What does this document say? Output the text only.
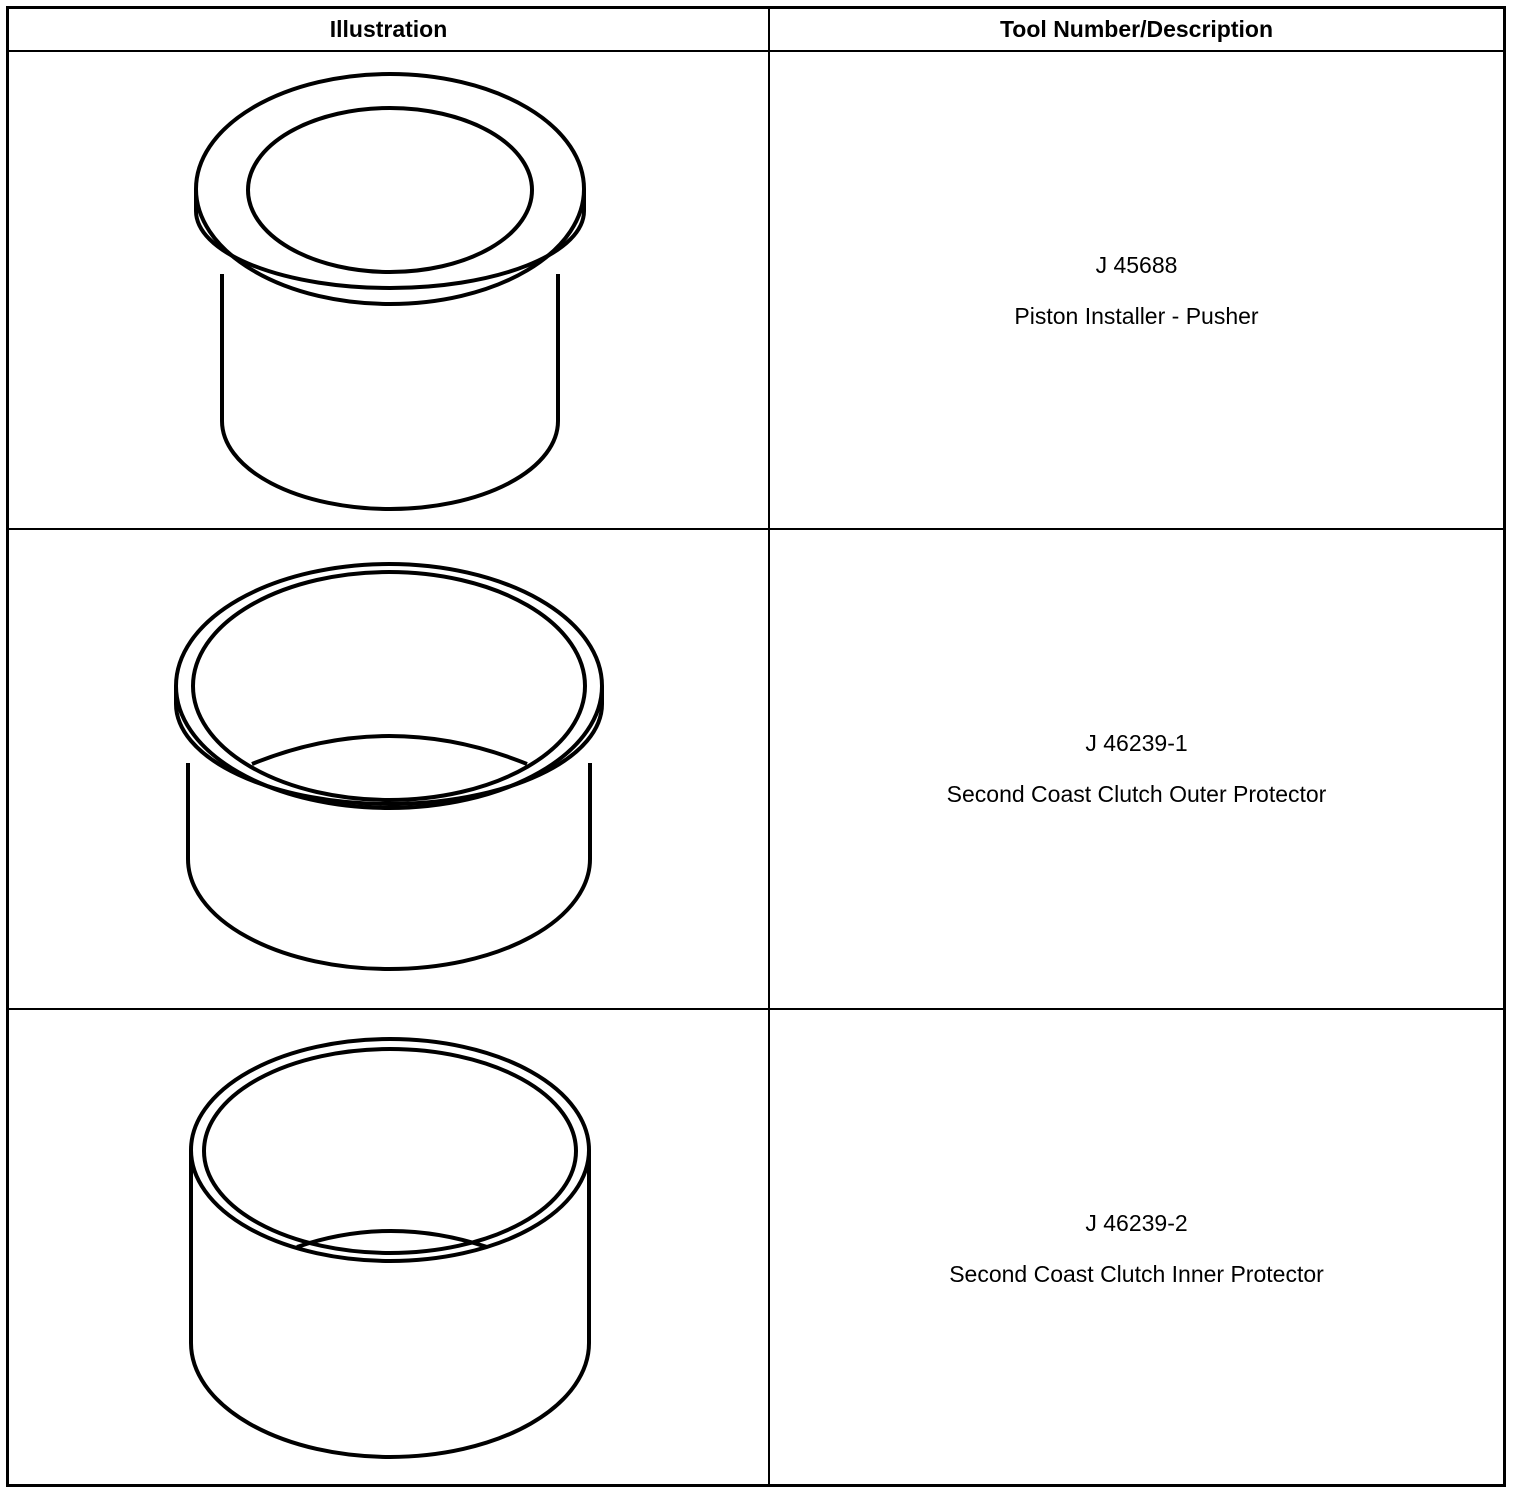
Illustration	Tool Number/Description

J 45688

Piston Installer - Pusher

J 46239-1

Second Coast Clutch Outer Protector

J 46239-2

Second Coast Clutch Inner Protector
